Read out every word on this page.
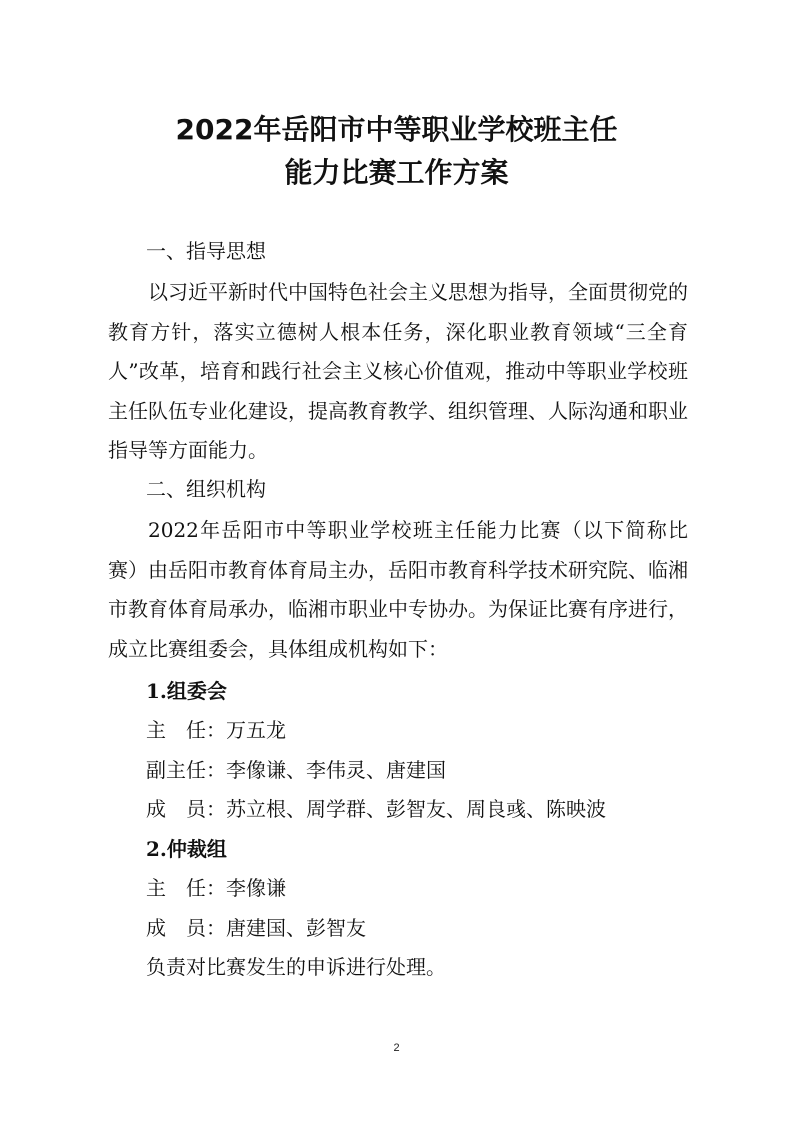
2022年岳阳市中等职业学校班主任
能力比赛工作方案
一、指导思想

以习近平新时代中国特色社会主义思想为指导，全面贯彻党的教育方针，落实立德树人根本任务，深化职业教育领域“三全育人”改革，培育和践行社会主义核心价值观，推动中等职业学校班主任队伍专业化建设，提高教育教学、组织管理、人际沟通和职业指导等方面能力。

二、组织机构

2022年岳阳市中等职业学校班主任能力比赛（以下简称比赛）由岳阳市教育体育局主办，岳阳市教育科学技术研究院、临湘市教育体育局承办，临湘市职业中专协办。为保证比赛有序进行，成立比赛组委会，具体组成机构如下：

1.组委会
主　任：万五龙
副主任：李像谦、李伟灵、唐建国
成　员：苏立根、周学群、彭智友、周良彧、陈映波
2.仲裁组
主　任：李像谦
成　员：唐建国、彭智友
负责对比赛发生的申诉进行处理。
2
